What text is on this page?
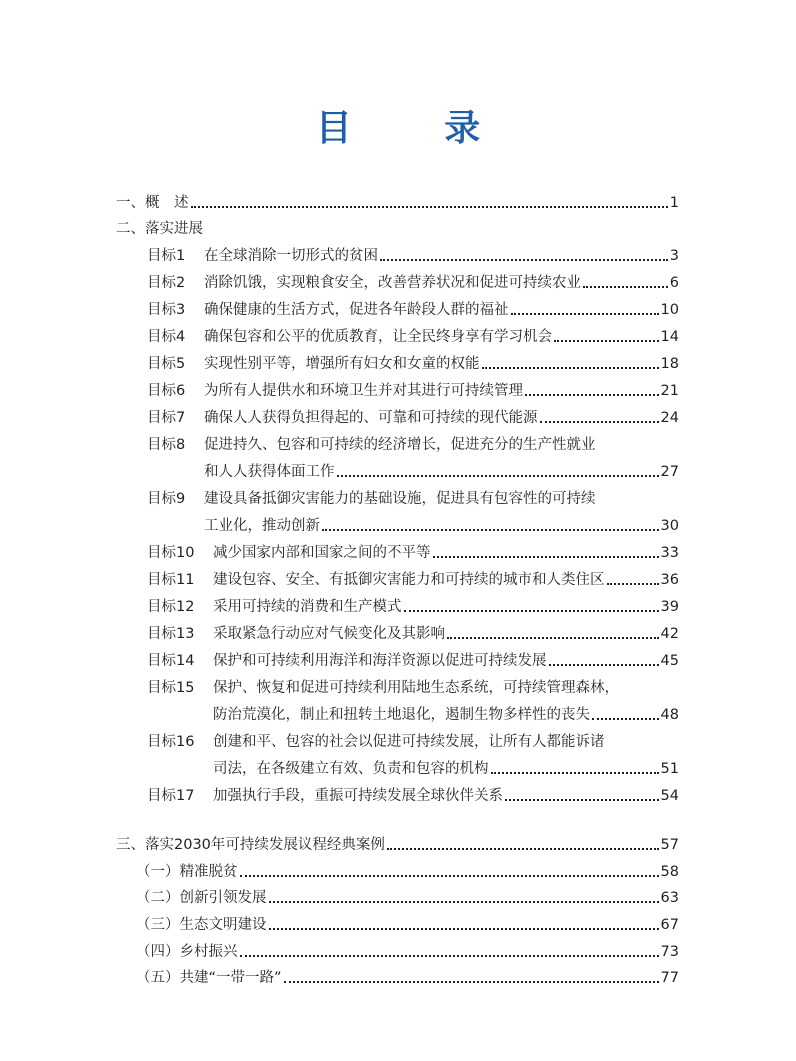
目 录
一、概　述	1
二、落实进展
目标1	在全球消除一切形式的贫困	3
目标2	消除饥饿，实现粮食安全，改善营养状况和促进可持续农业	6
目标3	确保健康的生活方式，促进各年龄段人群的福祉	10
目标4	确保包容和公平的优质教育，让全民终身享有学习机会	14
目标5	实现性别平等，增强所有妇女和女童的权能	18
目标6	为所有人提供水和环境卫生并对其进行可持续管理	21
目标7	确保人人获得负担得起的、可靠和可持续的现代能源	24
目标8	促进持久、包容和可持续的经济增长，促进充分的生产性就业
和人人获得体面工作	27
目标9	建设具备抵御灾害能力的基础设施，促进具有包容性的可持续
工业化，推动创新	30
目标10	减少国家内部和国家之间的不平等	33
目标11	建设包容、安全、有抵御灾害能力和可持续的城市和人类住区	36
目标12	采用可持续的消费和生产模式	39
目标13	采取紧急行动应对气候变化及其影响	42
目标14	保护和可持续利用海洋和海洋资源以促进可持续发展	45
目标15	保护、恢复和促进可持续利用陆地生态系统，可持续管理森林，
防治荒漠化，制止和扭转土地退化，遏制生物多样性的丧失	48
目标16	创建和平、包容的社会以促进可持续发展，让所有人都能诉诸
司法，在各级建立有效、负责和包容的机构	51
目标17	加强执行手段，重振可持续发展全球伙伴关系	54
三、落实2030年可持续发展议程经典案例	57
（一）精准脱贫	58
（二）创新引领发展	63
（三）生态文明建设	67
（四）乡村振兴	73
（五）共建“一带一路”	77
